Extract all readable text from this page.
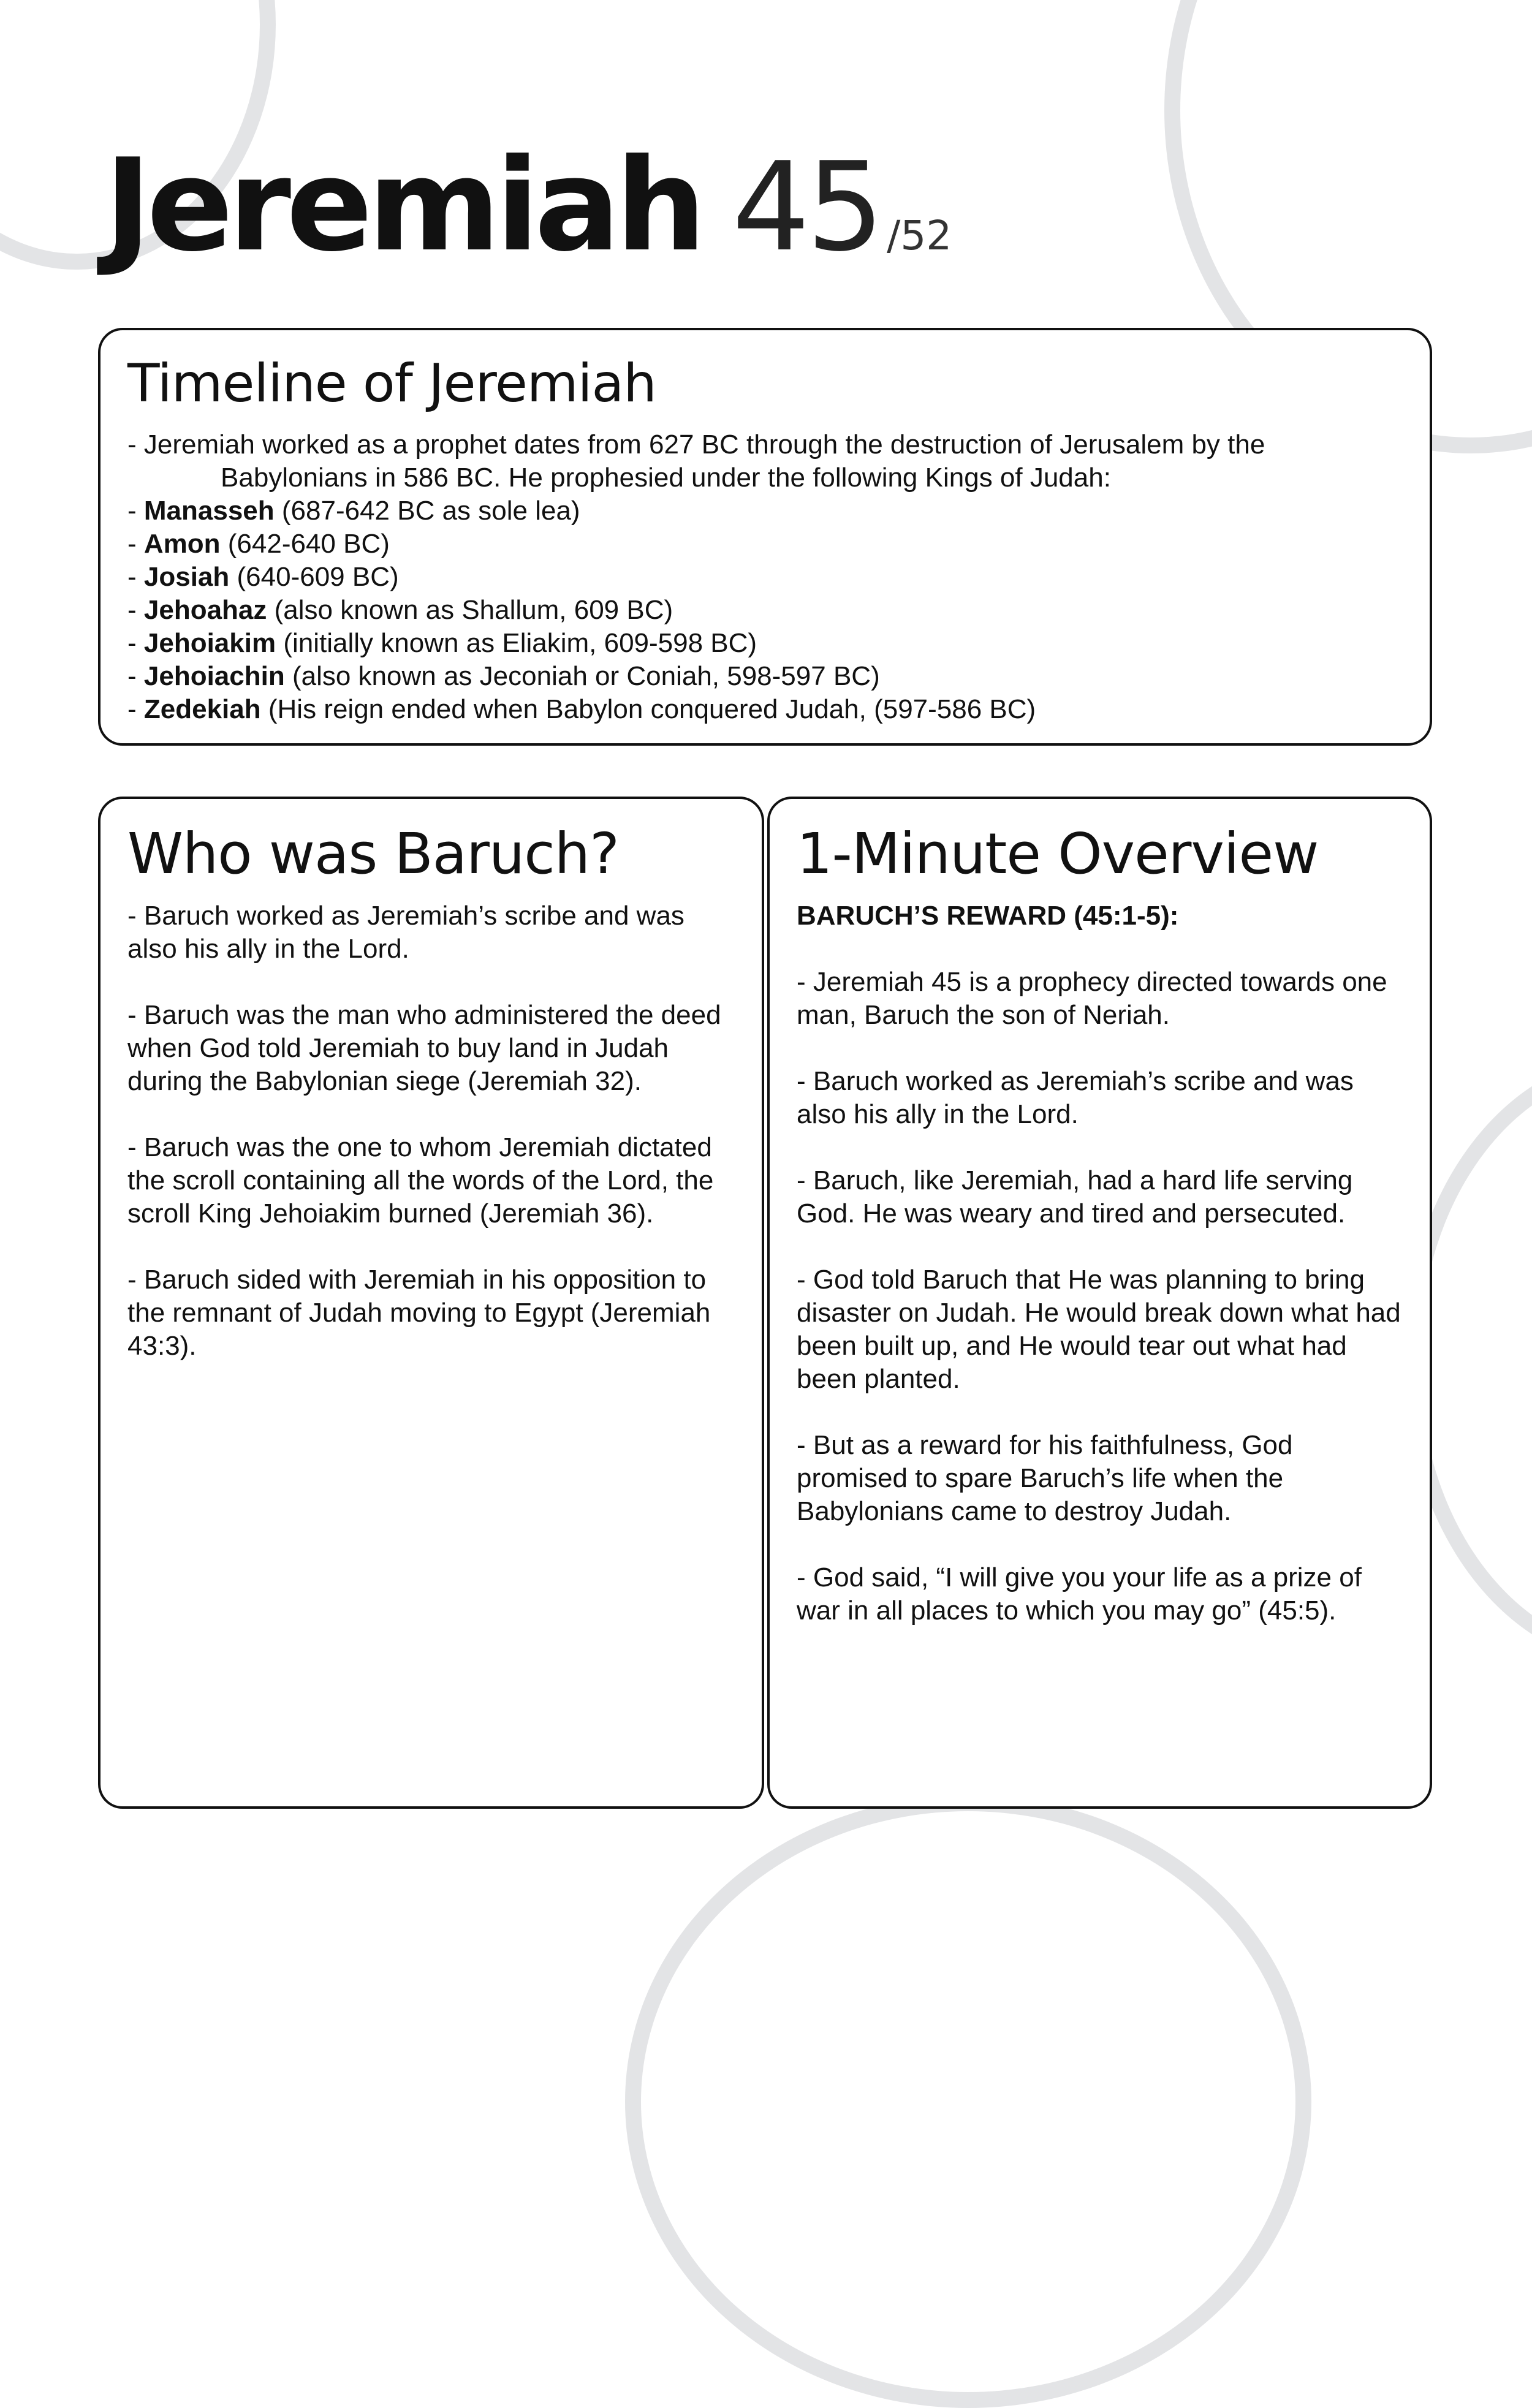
Jeremiah 45 /52
Timeline of Jeremiah
- Jeremiah worked as a prophet dates from 627 BC through the destruction of Jerusalem by the
Babylonians in 586 BC. He prophesied under the following Kings of Judah:
- Manasseh (687-642 BC as sole lea)
- Amon (642-640 BC)
- Josiah (640-609 BC)
- Jehoahaz (also known as Shallum, 609 BC)
- Jehoiakim (initially known as Eliakim, 609-598 BC)
- Jehoiachin (also known as Jeconiah or Coniah, 598-597 BC)
- Zedekiah (His reign ended when Babylon conquered Judah, (597-586 BC)
Who was Baruch?

- Baruch worked as Jeremiah’s scribe and was also his ally in the Lord.

- Baruch was the man who administered the deed when God told Jeremiah to buy land in Judah during the Babylonian siege (Jeremiah 32).

- Baruch was the one to whom Jeremiah dictated the scroll containing all the words of the Lord, the scroll King Jehoiakim burned (Jeremiah 36).

- Baruch sided with Jeremiah in his opposition to the remnant of Judah moving to Egypt (Jeremiah 43:3).

1-Minute Overview

BARUCH’S REWARD (45:1-5):

- Jeremiah 45 is a prophecy directed towards one man, Baruch the son of Neriah.

- Baruch worked as Jeremiah’s scribe and was also his ally in the Lord.

- Baruch, like Jeremiah, had a hard life serving God. He was weary and tired and persecuted.

- God told Baruch that He was planning to bring disaster on Judah. He would break down what had been built up, and He would tear out what had been planted.

- But as a reward for his faithfulness, God promised to spare Baruch’s life when the Babylonians came to destroy Judah.

- God said, “I will give you your life as a prize of war in all places to which you may go” (45:5).
